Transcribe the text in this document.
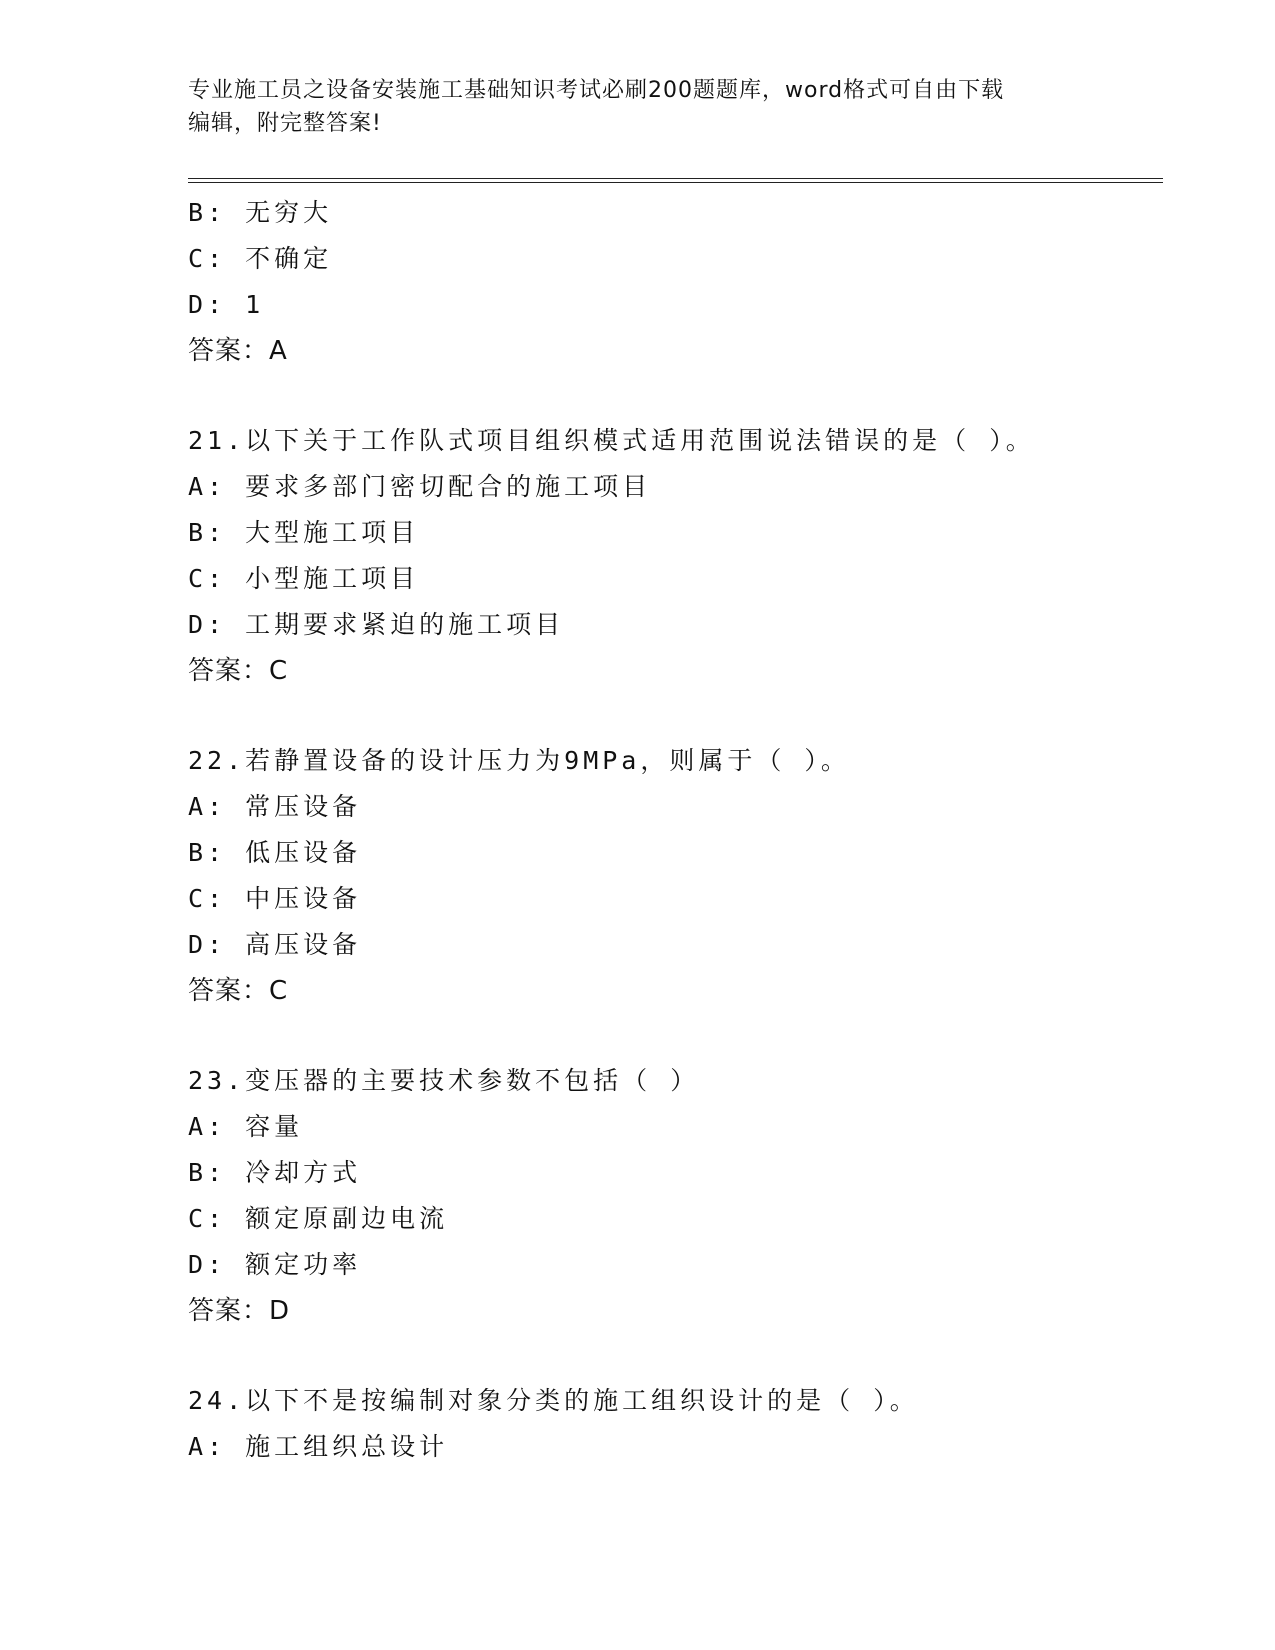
专业施工员之设备安装施工基础知识考试必刷200题题库，word格式可自由下载
编辑，附完整答案!
B: 无穷大
C: 不确定
D: 1
答案：A
21.以下关于工作队式项目组织模式适用范围说法错误的是（ ）。
A: 要求多部门密切配合的施工项目
B: 大型施工项目
C: 小型施工项目
D: 工期要求紧迫的施工项目
答案：C
22.若静置设备的设计压力为9MPa，则属于（ ）。
A: 常压设备
B: 低压设备
C: 中压设备
D: 高压设备
答案：C
23.变压器的主要技术参数不包括（ ）
A: 容量
B: 冷却方式
C: 额定原副边电流
D: 额定功率
答案：D
24.以下不是按编制对象分类的施工组织设计的是（ ）。
A: 施工组织总设计
